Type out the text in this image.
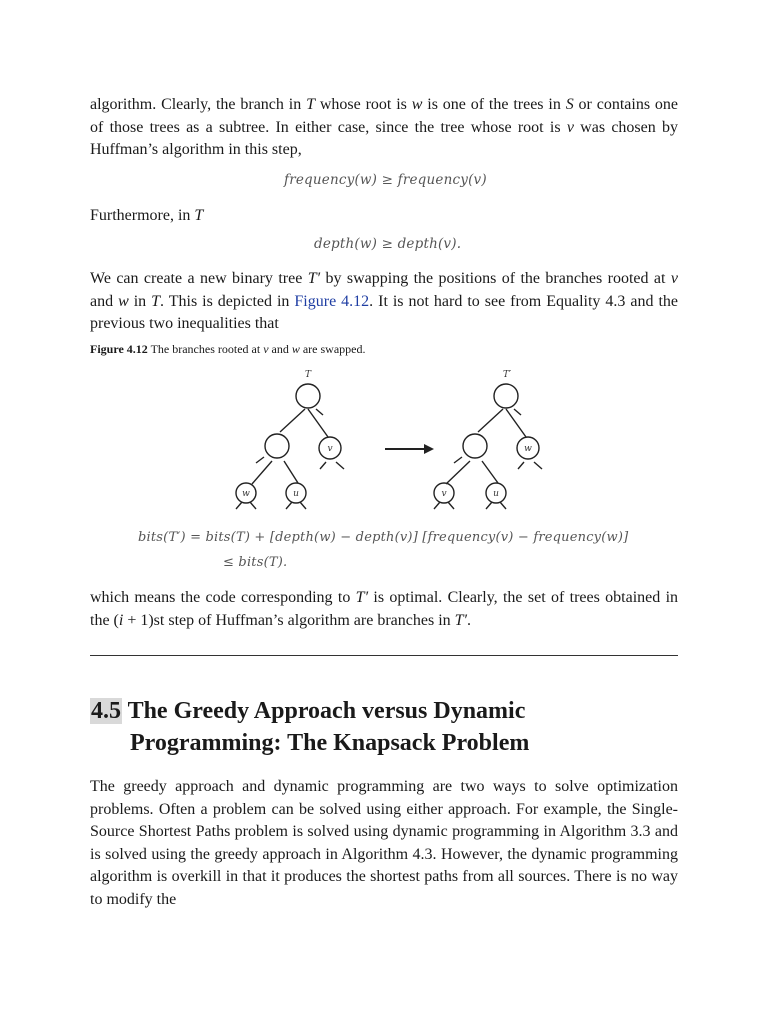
algorithm. Clearly, the branch in T whose root is w is one of the trees in S or contains one of those trees as a subtree. In either case, since the tree whose root is v was chosen by Huffman’s algorithm in this step,

frequency(w) ≥ frequency(v)

Furthermore, in T

depth(w) ≥ depth(v).

We can create a new binary tree T′ by swapping the positions of the branches rooted at v and w in T. This is depicted in Figure 4.12. It is not hard to see from Equality 4.3 and the previous two inequalities that

Figure 4.12 The branches rooted at v and w are swapped.
T
v
w	u
T′
w
v	u
bits(T′) = bits(T) + [depth(w) − depth(v)] [frequency(v) − frequency(w)]
≤ bits(T).

which means the code corresponding to T′ is optimal. Clearly, the set of trees obtained in the (i + 1)st step of Huffman’s algorithm are branches in T′.

4.5 The Greedy Approach versus Dynamic
Programming: The Knapsack Problem

The greedy approach and dynamic programming are two ways to solve optimization problems. Often a problem can be solved using either approach. For example, the Single-Source Shortest Paths problem is solved using dynamic programming in Algorithm 3.3 and is solved using the greedy approach in Algorithm 4.3. However, the dynamic programming algorithm is overkill in that it produces the shortest paths from all sources. There is no way to modify the
